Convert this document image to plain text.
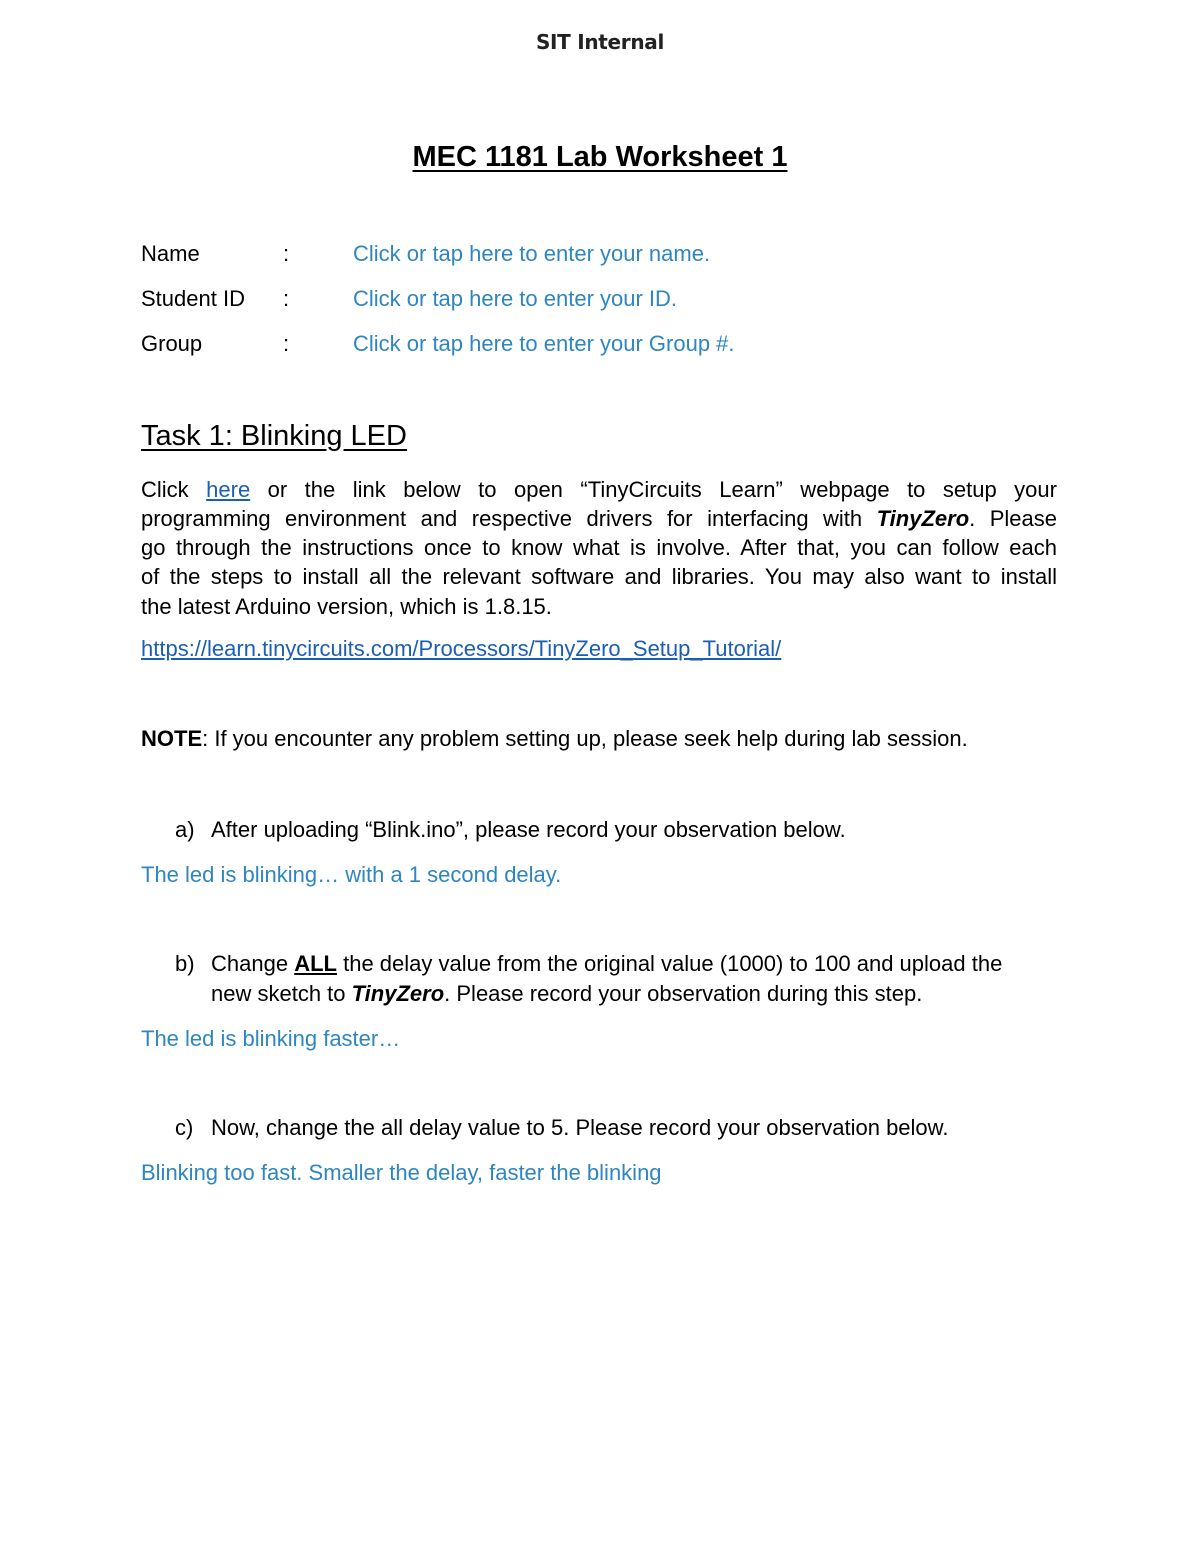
SIT Internal
MEC 1181 Lab Worksheet 1
Name	:	Click or tap here to enter your name.
Student ID :	Click or tap here to enter your ID.
Group	:	Click or tap here to enter your Group #.
Task 1: Blinking LED
Click here or the link below to open “TinyCircuits Learn” webpage to setup your
programming environment and respective drivers for interfacing with TinyZero. Please
go through the instructions once to know what is involve. After that, you can follow each
of the steps to install all the relevant software and libraries. You may also want to install
the latest Arduino version, which is 1.8.15.
https://learn.tinycircuits.com/Processors/TinyZero_Setup_Tutorial/
NOTE: If you encounter any problem setting up, please seek help during lab session.
a) After uploading “Blink.ino”, please record your observation below.
The led is blinking… with a 1 second delay.
b) Change ALL the delay value from the original value (1000) to 100 and upload the
new sketch to TinyZero. Please record your observation during this step.
The led is blinking faster…
c) Now, change the all delay value to 5. Please record your observation below.
Blinking too fast. Smaller the delay, faster the blinking
